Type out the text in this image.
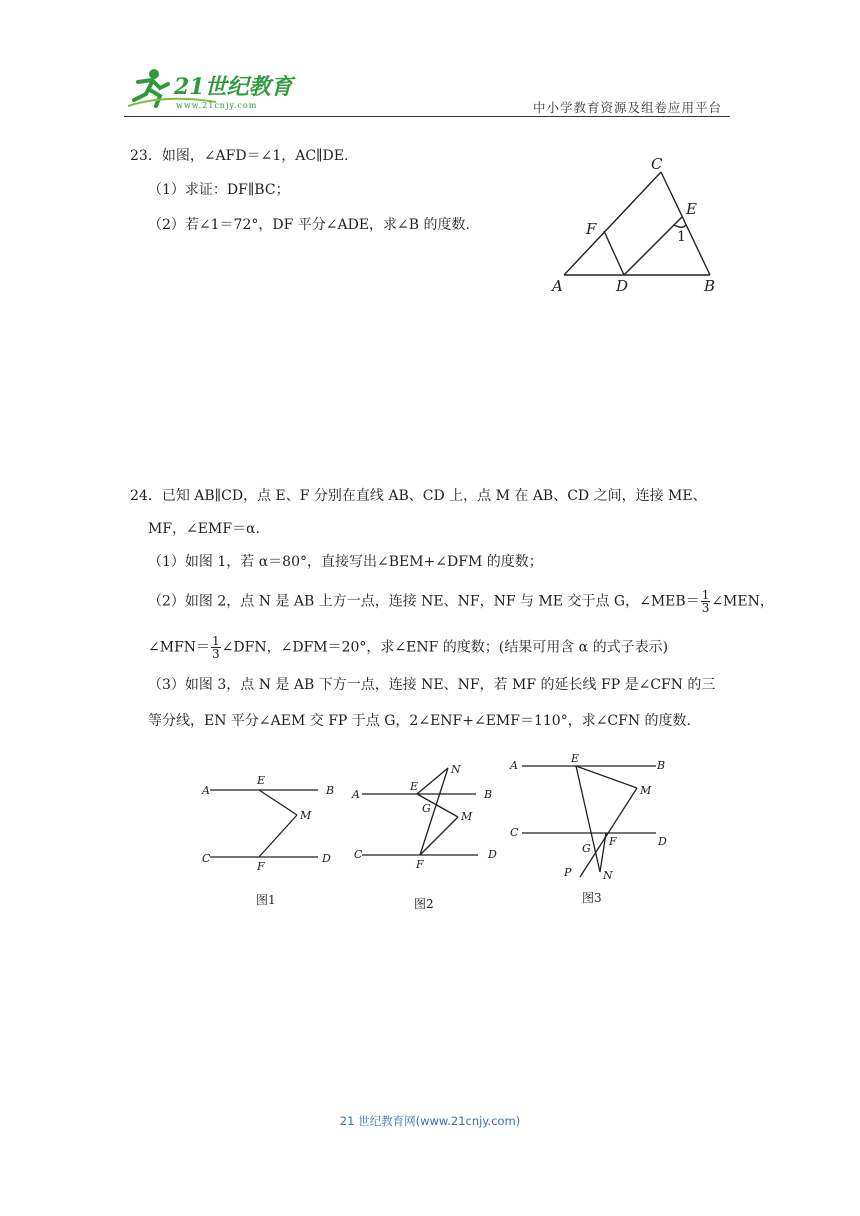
21世纪教育
www.21cnjy.com	中小学教育资源及组卷应用平台
23．如图，∠AFD＝∠1，AC∥DE.
（1）求证：DF∥BC；
（2）若∠1＝72°，DF 平分∠ADE，求∠B 的度数.
C
E
F
A	D	B
1
24．已知 AB∥CD，点 E、F 分别在直线 AB、CD 上，点 M 在 AB、CD 之间，连接 ME、
MF，∠EMF＝α.
（1）如图 1，若 α＝80°，直接写出∠BEM+∠DFM 的度数；
（2）如图 2，点 N 是 AB 上方一点，连接 NE、NF，NF 与 ME 交于点 G，∠MEB＝ $\frac{1}{3}$ ∠MEN，
∠MFN＝ $\frac{1}{3}$ ∠DFN，∠DFM＝20°，求∠ENF 的度数；(结果可用含 α 的式子表示)
（3）如图 3，点 N 是 AB 下方一点，连接 NE、NF，若 MF 的延长线 FP 是∠CFN 的三
等分线，EN 平分∠AEM 交 FP 于点 G，2∠ENF+∠EMF＝110°，求∠CFN 的度数.
A
E
B
M
C
F
D
图1
A
E
N
B
G
M
C
F
D
图2
A
E
B
M
C
F	D
G
P	N
图3
21 世纪教育网(www.21cnjy.com)
